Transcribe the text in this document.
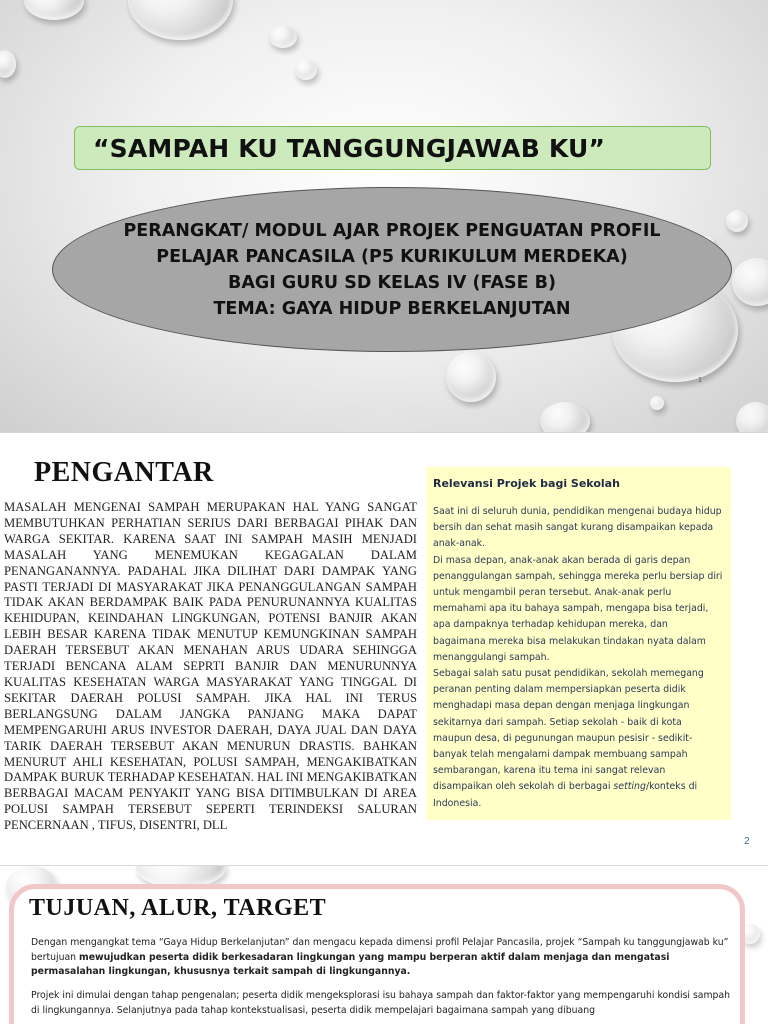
“SAMPAH KU TANGGUNGJAWAB KU”
PERANGKAT/ MODUL AJAR PROJEK PENGUATAN PROFIL
PELAJAR PANCASILA (P5 KURIKULUM MERDEKA)
BAGI GURU SD KELAS IV (FASE B)
TEMA: GAYA HIDUP BERKELANJUTAN
1
PENGANTAR

MASALAH MENGENAI SAMPAH MERUPAKAN HAL YANG SANGAT MEMBUTUHKAN PERHATIAN SERIUS DARI BERBAGAI PIHAK DAN WARGA SEKITAR. KARENA SAAT INI SAMPAH MASIH MENJADI MASALAH YANG MENEMUKAN KEGAGALAN DALAM PENANGANANNYA. PADAHAL JIKA DILIHAT DARI DAMPAK YANG PASTI TERJADI DI MASYARAKAT JIKA PENANGGULANGAN SAMPAH TIDAK AKAN BERDAMPAK BAIK PADA PENURUNANNYA KUALITAS KEHIDUPAN, KEINDAHAN LINGKUNGAN, POTENSI BANJIR AKAN LEBIH BESAR KARENA TIDAK MENUTUP KEMUNGKINAN SAMPAH DAERAH TERSEBUT AKAN MENAHAN ARUS UDARA SEHINGGA TERJADI BENCANA ALAM SEPRTI BANJIR DAN MENURUNNYA KUALITAS KESEHATAN WARGA MASYARAKAT YANG TINGGAL DI SEKITAR DAERAH POLUSI SAMPAH. JIKA HAL INI TERUS BERLANGSUNG DALAM JANGKA PANJANG MAKA DAPAT MEMPENGARUHI ARUS INVESTOR DAERAH, DAYA JUAL DAN DAYA TARIK DAERAH TERSEBUT AKAN MENURUN DRASTIS. BAHKAN MENURUT AHLI KESEHATAN, POLUSI SAMPAH, MENGAKIBATKAN DAMPAK BURUK TERHADAP KESEHATAN. HAL INI MENGAKIBATKAN BERBAGAI MACAM PENYAKIT YANG BISA DITIMBULKAN DI AREA POLUSI SAMPAH TERSEBUT SEPERTI TERINDEKSI SALURAN PENCERNAAN , TIFUS, DISENTRI, DLL

Relevansi Projek bagi Sekolah
Saat ini di seluruh dunia, pendidikan mengenai budaya hidup bersih dan sehat masih sangat kurang disampaikan kepada anak-anak.
Di masa depan, anak-anak akan berada di garis depan penanggulangan sampah, sehingga mereka perlu bersiap diri untuk mengambil peran tersebut. Anak-anak perlu memahami apa itu bahaya sampah, mengapa bisa terjadi, apa dampaknya terhadap kehidupan mereka, dan bagaimana mereka bisa melakukan tindakan nyata dalam menanggulangi sampah.
Sebagai salah satu pusat pendidikan, sekolah memegang peranan penting dalam mempersiapkan peserta didik menghadapi masa depan dengan menjaga lingkungan sekitarnya dari sampah. Setiap sekolah - baik di kota maupun desa, di pegunungan maupun pesisir - sedikit-banyak telah mengalami dampak membuang sampah sembarangan, karena itu tema ini sangat relevan disampaikan oleh sekolah di berbagai setting/konteks di Indonesia.
2
TUJUAN, ALUR, TARGET

Dengan mengangkat tema “Gaya Hidup Berkelanjutan” dan mengacu kepada dimensi profil Pelajar Pancasila, projek “Sampah ku tanggungjawab ku” bertujuan mewujudkan peserta didik berkesadaran lingkungan yang mampu berperan aktif dalam menjaga dan mengatasi permasalahan lingkungan, khususnya terkait sampah di lingkungannya.

Projek ini dimulai dengan tahap pengenalan; peserta didik mengeksplorasi isu bahaya sampah dan faktor-faktor yang mempengaruhi kondisi sampah di lingkungannya. Selanjutnya pada tahap kontekstualisasi, peserta didik mempelajari bagaimana sampah yang dibuang
